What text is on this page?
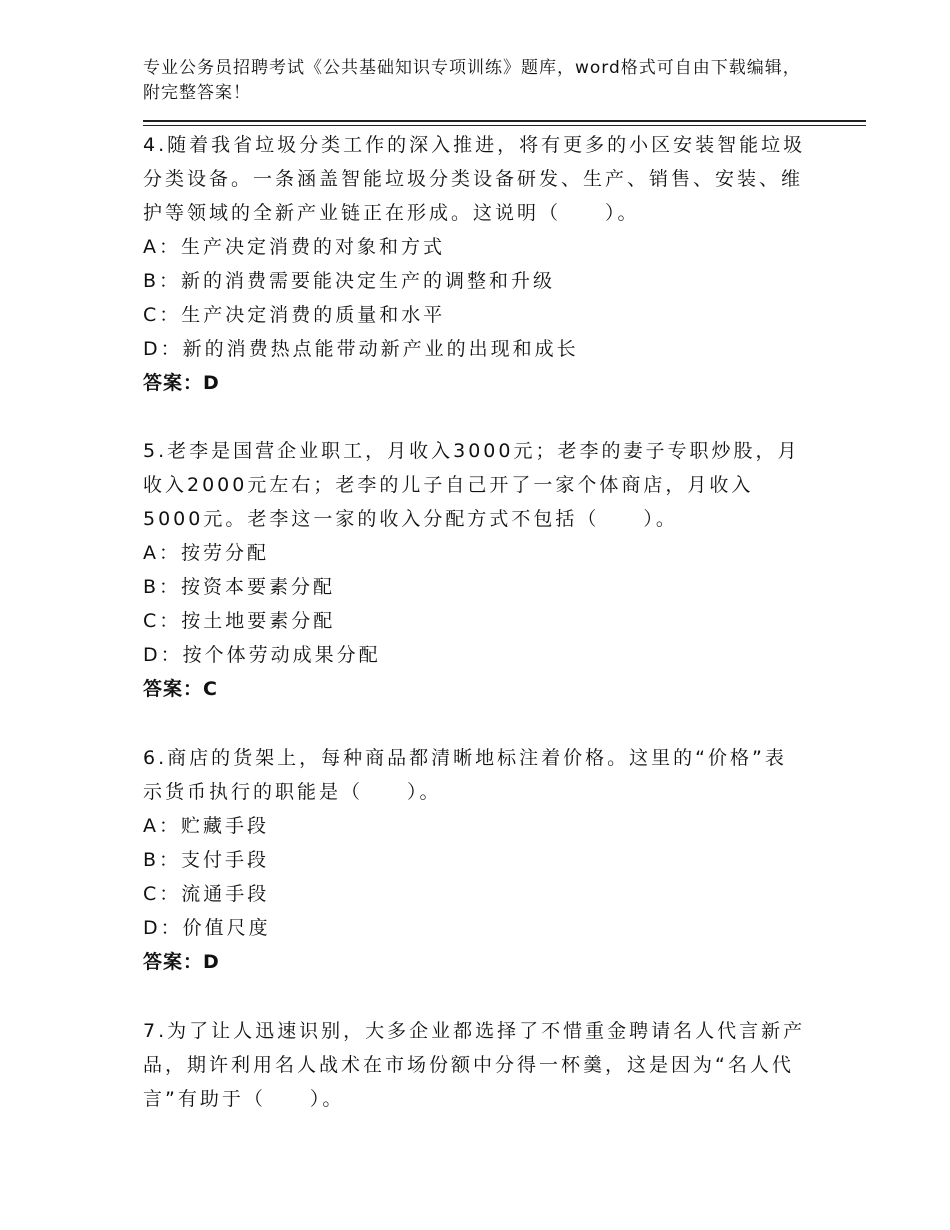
专业公务员招聘考试《公共基础知识专项训练》题库，word格式可自由下载编辑，附完整答案！

4.随着我省垃圾分类工作的深入推进，将有更多的小区安装智能垃圾分类设备。一条涵盖智能垃圾分类设备研发、生产、销售、安装、维护等领域的全新产业链正在形成。这说明（　　）。

A：生产决定消费的对象和方式
B：新的消费需要能决定生产的调整和升级
C：生产决定消费的质量和水平
D：新的消费热点能带动新产业的出现和成长
答案：D

5.老李是国营企业职工，月收入3000元；老李的妻子专职炒股，月收入2000元左右；老李的儿子自己开了一家个体商店，月收入5000元。老李这一家的收入分配方式不包括（　　）。

A：按劳分配
B：按资本要素分配
C：按土地要素分配
D：按个体劳动成果分配
答案：C

6.商店的货架上，每种商品都清晰地标注着价格。这里的“价格”表示货币执行的职能是（　　）。

A：贮藏手段
B：支付手段
C：流通手段
D：价值尺度
答案：D

7.为了让人迅速识别，大多企业都选择了不惜重金聘请名人代言新产品，期许利用名人战术在市场份额中分得一杯羹，这是因为“名人代言”有助于（　　）。
